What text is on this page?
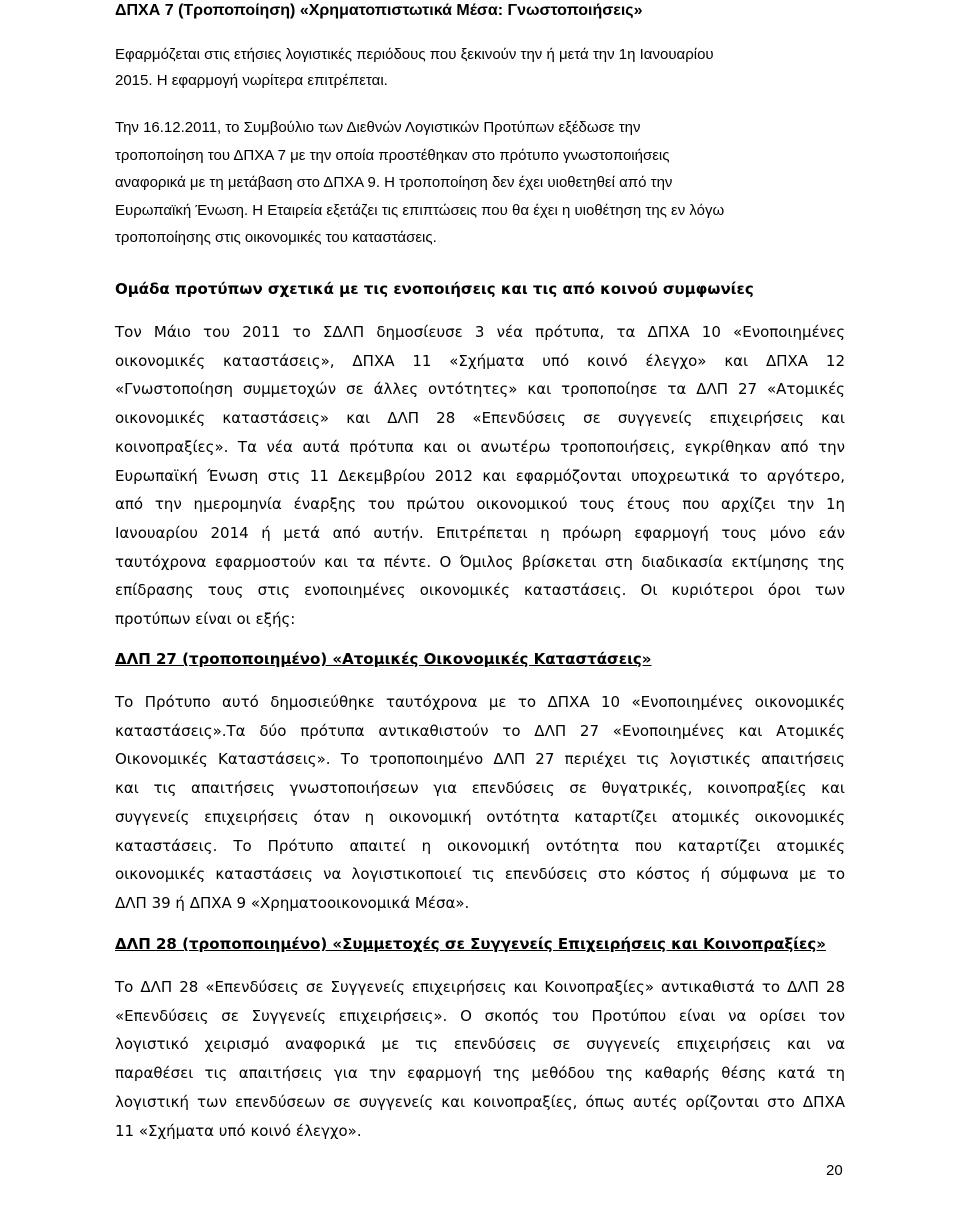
ΔΠΧΑ 7 (Τροποποίηση) «Χρηματοπιστωτικά Μέσα: Γνωστοποιήσεις»
Εφαρμόζεται στις ετήσιες λογιστικές περιόδους που ξεκινούν την ή μετά την 1η Ιανουαρίου
2015. Η εφαρμογή νωρίτερα επιτρέπεται.
Την 16.12.2011, το Συμβούλιο των Διεθνών Λογιστικών Προτύπων εξέδωσε την
τροποποίηση του ΔΠΧΑ 7 με την οποία προστέθηκαν στο πρότυπο γνωστοποιήσεις
αναφορικά με τη μετάβαση στο ΔΠΧΑ 9. Η τροποποίηση δεν έχει υιοθετηθεί από την
Ευρωπαϊκή Ένωση. Η Εταιρεία εξετάζει τις επιπτώσεις που θα έχει η υιοθέτηση της εν λόγω
τροποποίησης στις οικονομικές του καταστάσεις.
Ομάδα προτύπων σχετικά με τις ενοποιήσεις και τις από κοινού συμφωνίες
Τον Μάιο του 2011 το ΣΔΛΠ δημοσίευσε 3 νέα πρότυπα, τα ΔΠΧΑ 10 «Ενοποιημένες
οικονομικές καταστάσεις», ΔΠΧΑ 11 «Σχήματα υπό κοινό έλεγχο» και ΔΠΧΑ 12
«Γνωστοποίηση συμμετοχών σε άλλες οντότητες» και τροποποίησε τα ΔΛΠ 27 «Ατομικές
οικονομικές καταστάσεις» και ΔΛΠ 28 «Επενδύσεις σε συγγενείς επιχειρήσεις και
κοινοπραξίες». Τα νέα αυτά πρότυπα και οι ανωτέρω τροποποιήσεις, εγκρίθηκαν από την
Ευρωπαϊκή Ένωση στις 11 Δεκεμβρίου 2012 και εφαρμόζονται υποχρεωτικά το αργότερο,
από την ημερομηνία έναρξης του πρώτου οικονομικού τους έτους που αρχίζει την 1η
Ιανουαρίου 2014 ή μετά από αυτήν. Επιτρέπεται η πρόωρη εφαρμογή τους μόνο εάν
ταυτόχρονα εφαρμοστούν και τα πέντε. Ο Όμιλος βρίσκεται στη διαδικασία εκτίμησης της
επίδρασης τους στις ενοποιημένες οικονομικές καταστάσεις. Οι κυριότεροι όροι των
προτύπων είναι οι εξής:
ΔΛΠ 27 (τροποποιημένο) «Ατομικές Οικονομικές Καταστάσεις»
Το Πρότυπο αυτό δημοσιεύθηκε ταυτόχρονα με το ΔΠΧΑ 10 «Ενοποιημένες οικονομικές
καταστάσεις».Τα δύο πρότυπα αντικαθιστούν το ΔΛΠ 27 «Ενοποιημένες και Ατομικές
Οικονομικές Καταστάσεις». Το τροποποιημένο ΔΛΠ 27 περιέχει τις λογιστικές απαιτήσεις
και τις απαιτήσεις γνωστοποιήσεων για επενδύσεις σε θυγατρικές, κοινοπραξίες και
συγγενείς επιχειρήσεις όταν η οικονομική οντότητα καταρτίζει ατομικές οικονομικές
καταστάσεις. Το Πρότυπο απαιτεί η οικονομική οντότητα που καταρτίζει ατομικές
οικονομικές καταστάσεις να λογιστικοποιεί τις επενδύσεις στο κόστος ή σύμφωνα με το
ΔΛΠ 39 ή ΔΠΧΑ 9 «Χρηματοοικονομικά Μέσα».
ΔΛΠ 28 (τροποποιημένο) «Συμμετοχές σε Συγγενείς Επιχειρήσεις και Κοινοπραξίες»
Το ΔΛΠ 28 «Επενδύσεις σε Συγγενείς επιχειρήσεις και Κοινοπραξίες» αντικαθιστά το ΔΛΠ 28
«Επενδύσεις σε Συγγενείς επιχειρήσεις». Ο σκοπός του Προτύπου είναι να ορίσει τον
λογιστικό χειρισμό αναφορικά με τις επενδύσεις σε συγγενείς επιχειρήσεις και να
παραθέσει τις απαιτήσεις για την εφαρμογή της μεθόδου της καθαρής θέσης κατά τη
λογιστική των επενδύσεων σε συγγενείς και κοινοπραξίες, όπως αυτές ορίζονται στο ΔΠΧΑ
11 «Σχήματα υπό κοινό έλεγχο».
20
